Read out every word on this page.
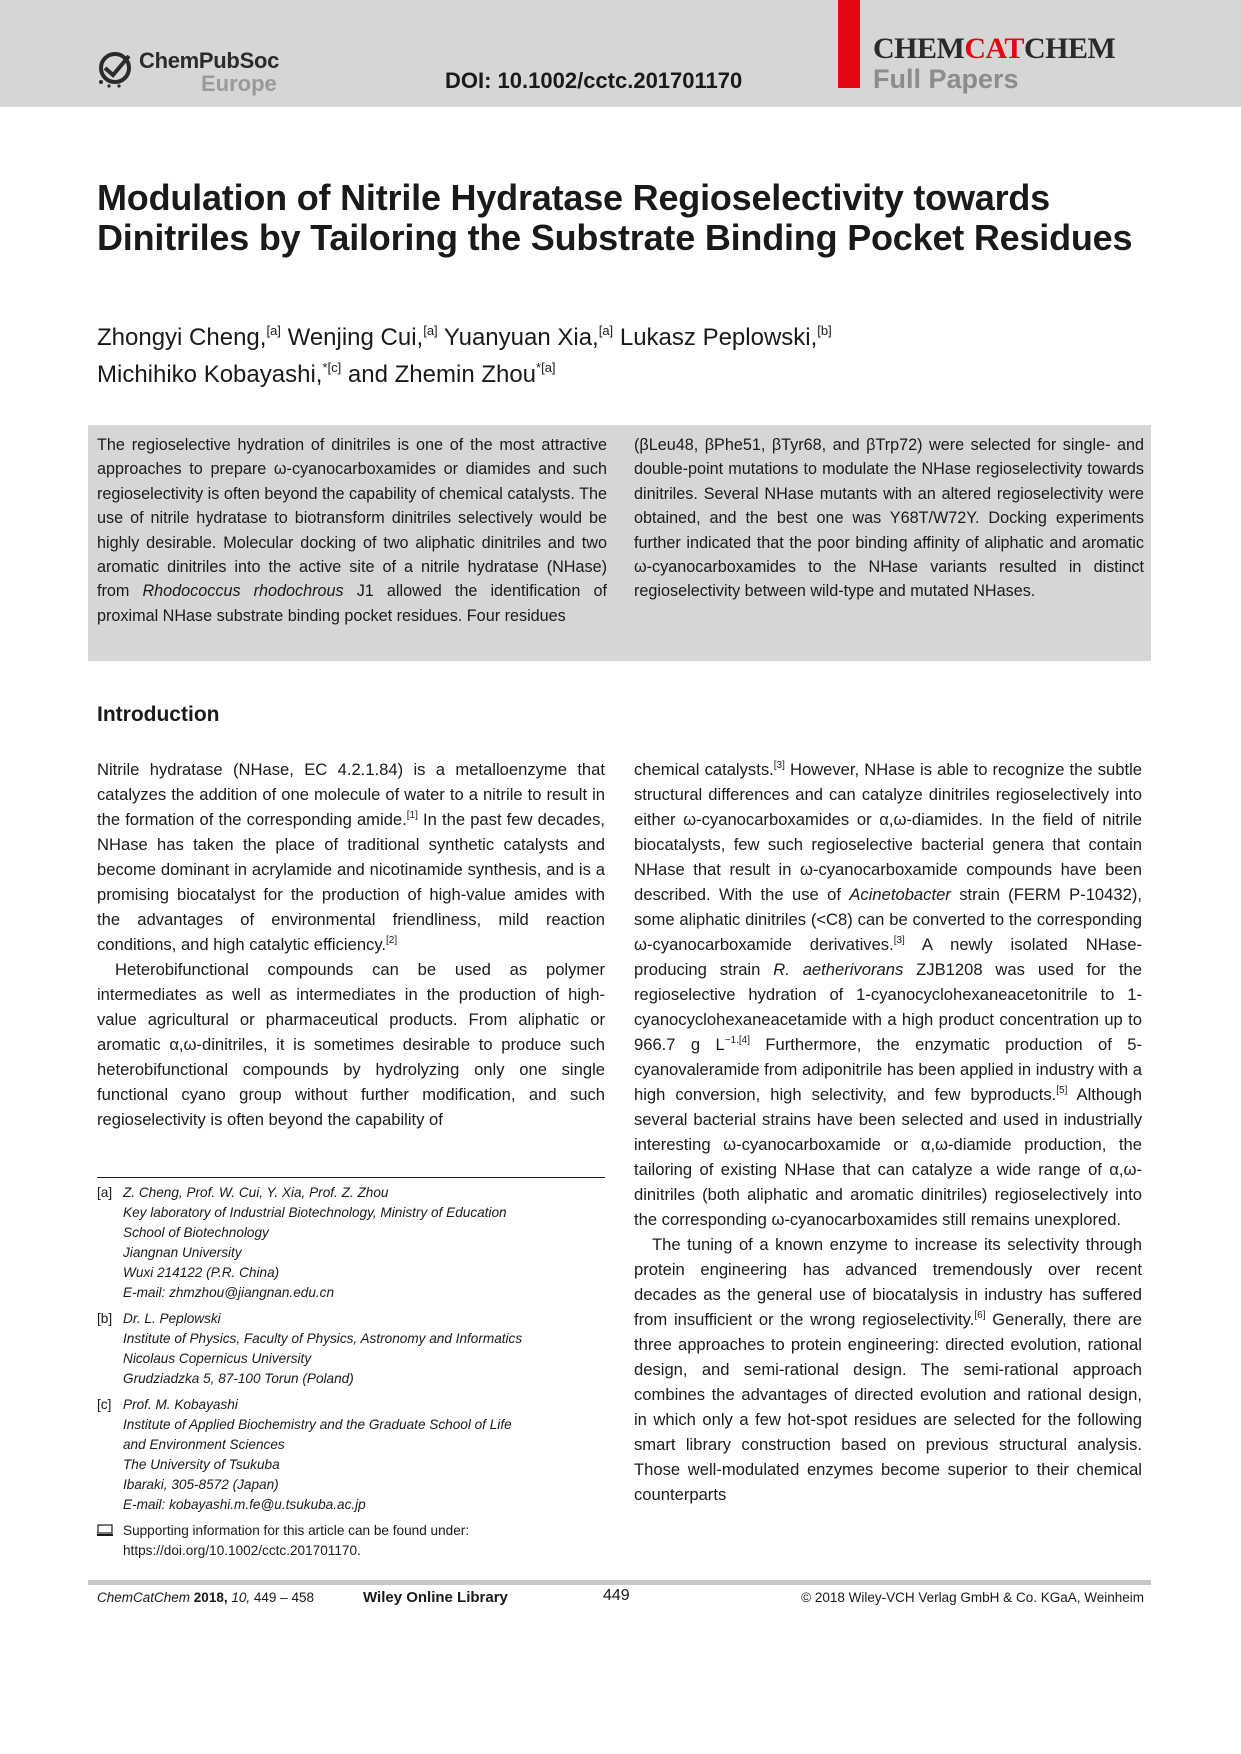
ChemPubSoc
Europe	DOI: 10.1002/cctc.201701170
CHEMCATCHEM
Full Papers
Modulation of Nitrile Hydratase Regioselectivity towards Dinitriles by Tailoring the Substrate Binding Pocket Residues
Zhongyi Cheng,[a] Wenjing Cui,[a] Yuanyuan Xia,[a] Lukasz Peplowski,[b]
Michihiko Kobayashi,$^{*[c]}$ and Zhemin Zhou$^{*[a]}$

The regioselective hydration of dinitriles is one of the most attractive approaches to prepare ω-cyanocarboxamides or diamides and such regioselectivity is often beyond the capability of chemical catalysts. The use of nitrile hydratase to biotransform dinitriles selectively would be highly desirable. Molecular docking of two aliphatic dinitriles and two aromatic dinitriles into the active site of a nitrile hydratase (NHase) from Rhodococcus rhodochrous J1 allowed the identification of proximal NHase substrate binding pocket residues. Four residues

(βLeu48, βPhe51, βTyr68, and βTrp72) were selected for single- and double-point mutations to modulate the NHase regioselectivity towards dinitriles. Several NHase mutants with an altered regioselectivity were obtained, and the best one was Y68T/W72Y. Docking experiments further indicated that the poor binding affinity of aliphatic and aromatic ω-cyanocarboxamides to the NHase variants resulted in distinct regioselectivity between wild-type and mutated NHases.

Introduction

Nitrile hydratase (NHase, EC 4.2.1.84) is a metalloenzyme that catalyzes the addition of one molecule of water to a nitrile to result in the formation of the corresponding amide.[1] In the past few decades, NHase has taken the place of traditional synthetic catalysts and become dominant in acrylamide and nicotinamide synthesis, and is a promising biocatalyst for the production of high-value amides with the advantages of environmental friendliness, mild reaction conditions, and high catalytic efficiency.[2]

Heterobifunctional compounds can be used as polymer intermediates as well as intermediates in the production of high-value agricultural or pharmaceutical products. From aliphatic or aromatic α,ω-dinitriles, it is sometimes desirable to produce such heterobifunctional compounds by hydrolyzing only one single functional cyano group without further modification, and such regioselectivity is often beyond the capability of

chemical catalysts.[3] However, NHase is able to recognize the subtle structural differences and can catalyze dinitriles regioselectively into either ω-cyanocarboxamides or α,ω-diamides. In the field of nitrile biocatalysts, few such regioselective bacterial genera that contain NHase that result in ω-cyanocarboxamide compounds have been described. With the use of Acinetobacter strain (FERM P-10432), some aliphatic dinitriles (<C8) can be converted to the corresponding ω-cyanocarboxamide derivatives.[3] A newly isolated NHase-producing strain R. aetherivorans ZJB1208 was used for the regioselective hydration of 1-cyanocyclohexaneacetonitrile to 1-cyanocyclohexaneacetamide with a high product concentration up to 966.7 g $L^{-1.[4]}$ Furthermore, the enzymatic production of 5-cyanovaleramide from adiponitrile has been applied in industry with a high conversion, high selectivity, and few byproducts.[5] Although several bacterial strains have been selected and used in industrially interesting ω-cyanocarboxamide or α,ω-diamide production, the tailoring of existing NHase that can catalyze a wide range of α,ω-dinitriles (both aliphatic and aromatic dinitriles) regioselectively into the corresponding ω-cyanocarboxamides still remains unexplored.

The tuning of a known enzyme to increase its selectivity through protein engineering has advanced tremendously over recent decades as the general use of biocatalysis in industry has suffered from insufficient or the wrong regioselectivity.[6] Generally, there are three approaches to protein engineering: directed evolution, rational design, and semi-rational design. The semi-rational approach combines the advantages of directed evolution and rational design, in which only a few hot-spot residues are selected for the following smart library construction based on previous structural analysis. Those well-modulated enzymes become superior to their chemical counterparts

[a] Z. Cheng, Prof. W. Cui, Y. Xia, Prof. Z. Zhou
Key laboratory of Industrial Biotechnology, Ministry of Education
School of Biotechnology
Jiangnan University
Wuxi 214122 (P.R. China)
E-mail: zhmzhou@jiangnan.edu.cn
[b] Dr. L. Peplowski
Institute of Physics, Faculty of Physics, Astronomy and Informatics
Nicolaus Copernicus University
Grudziadzka 5, 87-100 Torun (Poland)
[c] Prof. M. Kobayashi
Institute of Applied Biochemistry and the Graduate School of Life
and Environment Sciences
The University of Tsukuba
Ibaraki, 305-8572 (Japan)
E-mail: kobayashi.m.fe@u.tsukuba.ac.jp
Supporting information for this article can be found under:
https://doi.org/10.1002/cctc.201701170.
ChemCatChem 2018, 10, 449 – 458	Wiley Online Library	449	© 2018 Wiley-VCH Verlag GmbH & Co. KGaA, Weinheim
